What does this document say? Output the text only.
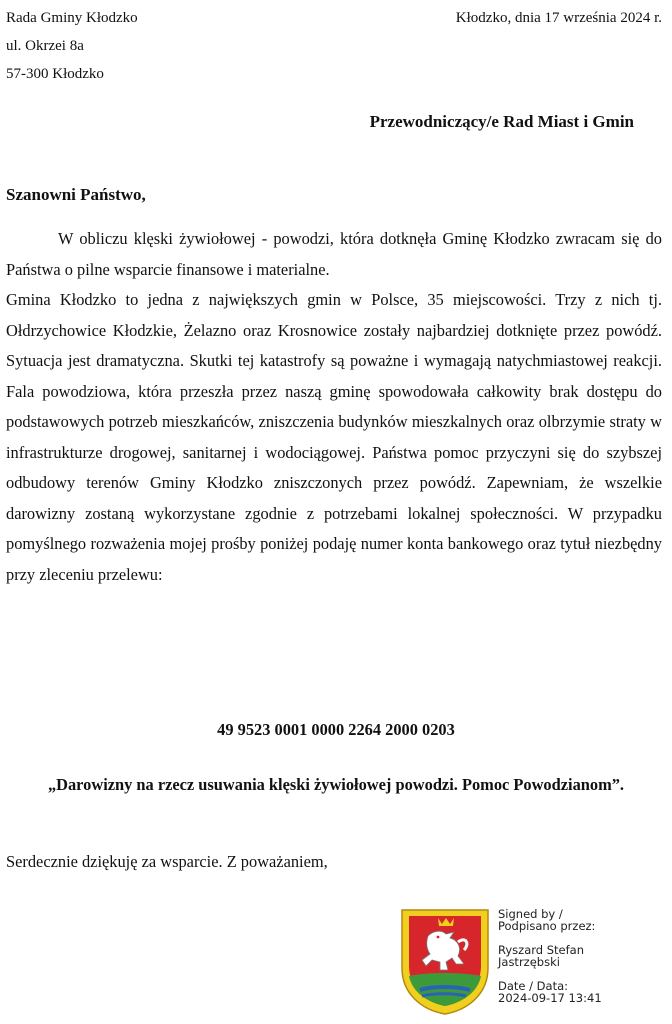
Rada Gminy Kłodzko
ul. Okrzei 8a
57-300 Kłodzko
Kłodzko, dnia 17 września 2024 r.
Przewodniczący/e Rad Miast i Gmin
Szanowni Państwo,

W obliczu klęski żywiołowej - powodzi, która dotknęła Gminę Kłodzko zwracam się do Państwa o pilne wsparcie finansowe i materialne.

Gmina Kłodzko to jedna z największych gmin w Polsce, 35 miejscowości. Trzy z nich tj. Ołdrzychowice Kłodzkie, Żelazno oraz Krosnowice zostały najbardziej dotknięte przez powódź. Sytuacja jest dramatyczna. Skutki tej katastrofy są poważne i wymagają natychmiastowej reakcji. Fala powodziowa, która przeszła przez naszą gminę spowodowała całkowity brak dostępu do podstawowych potrzeb mieszkańców, zniszczenia budynków mieszkalnych oraz olbrzymie straty w infrastrukturze drogowej, sanitarnej i wodociągowej. Państwa pomoc przyczyni się do szybszej odbudowy terenów Gminy Kłodzko zniszczonych przez powódź. Zapewniam, że wszelkie darowizny zostaną wykorzystane zgodnie z potrzebami lokalnej społeczności. W przypadku pomyślnego rozważenia mojej prośby poniżej podaję numer konta bankowego oraz tytuł niezbędny przy zleceniu przelewu:

49 9523 0001 0000 2264 2000 0203
„Darowizny na rzecz usuwania klęski żywiołowej powodzi. Pomoc Powodzianom”.
Serdecznie dziękuję za wsparcie. Z poważaniem,
Signed by /
Podpisano przez:
Ryszard Stefan
Jastrzębski
Date / Data:
2024-09-17 13:41
